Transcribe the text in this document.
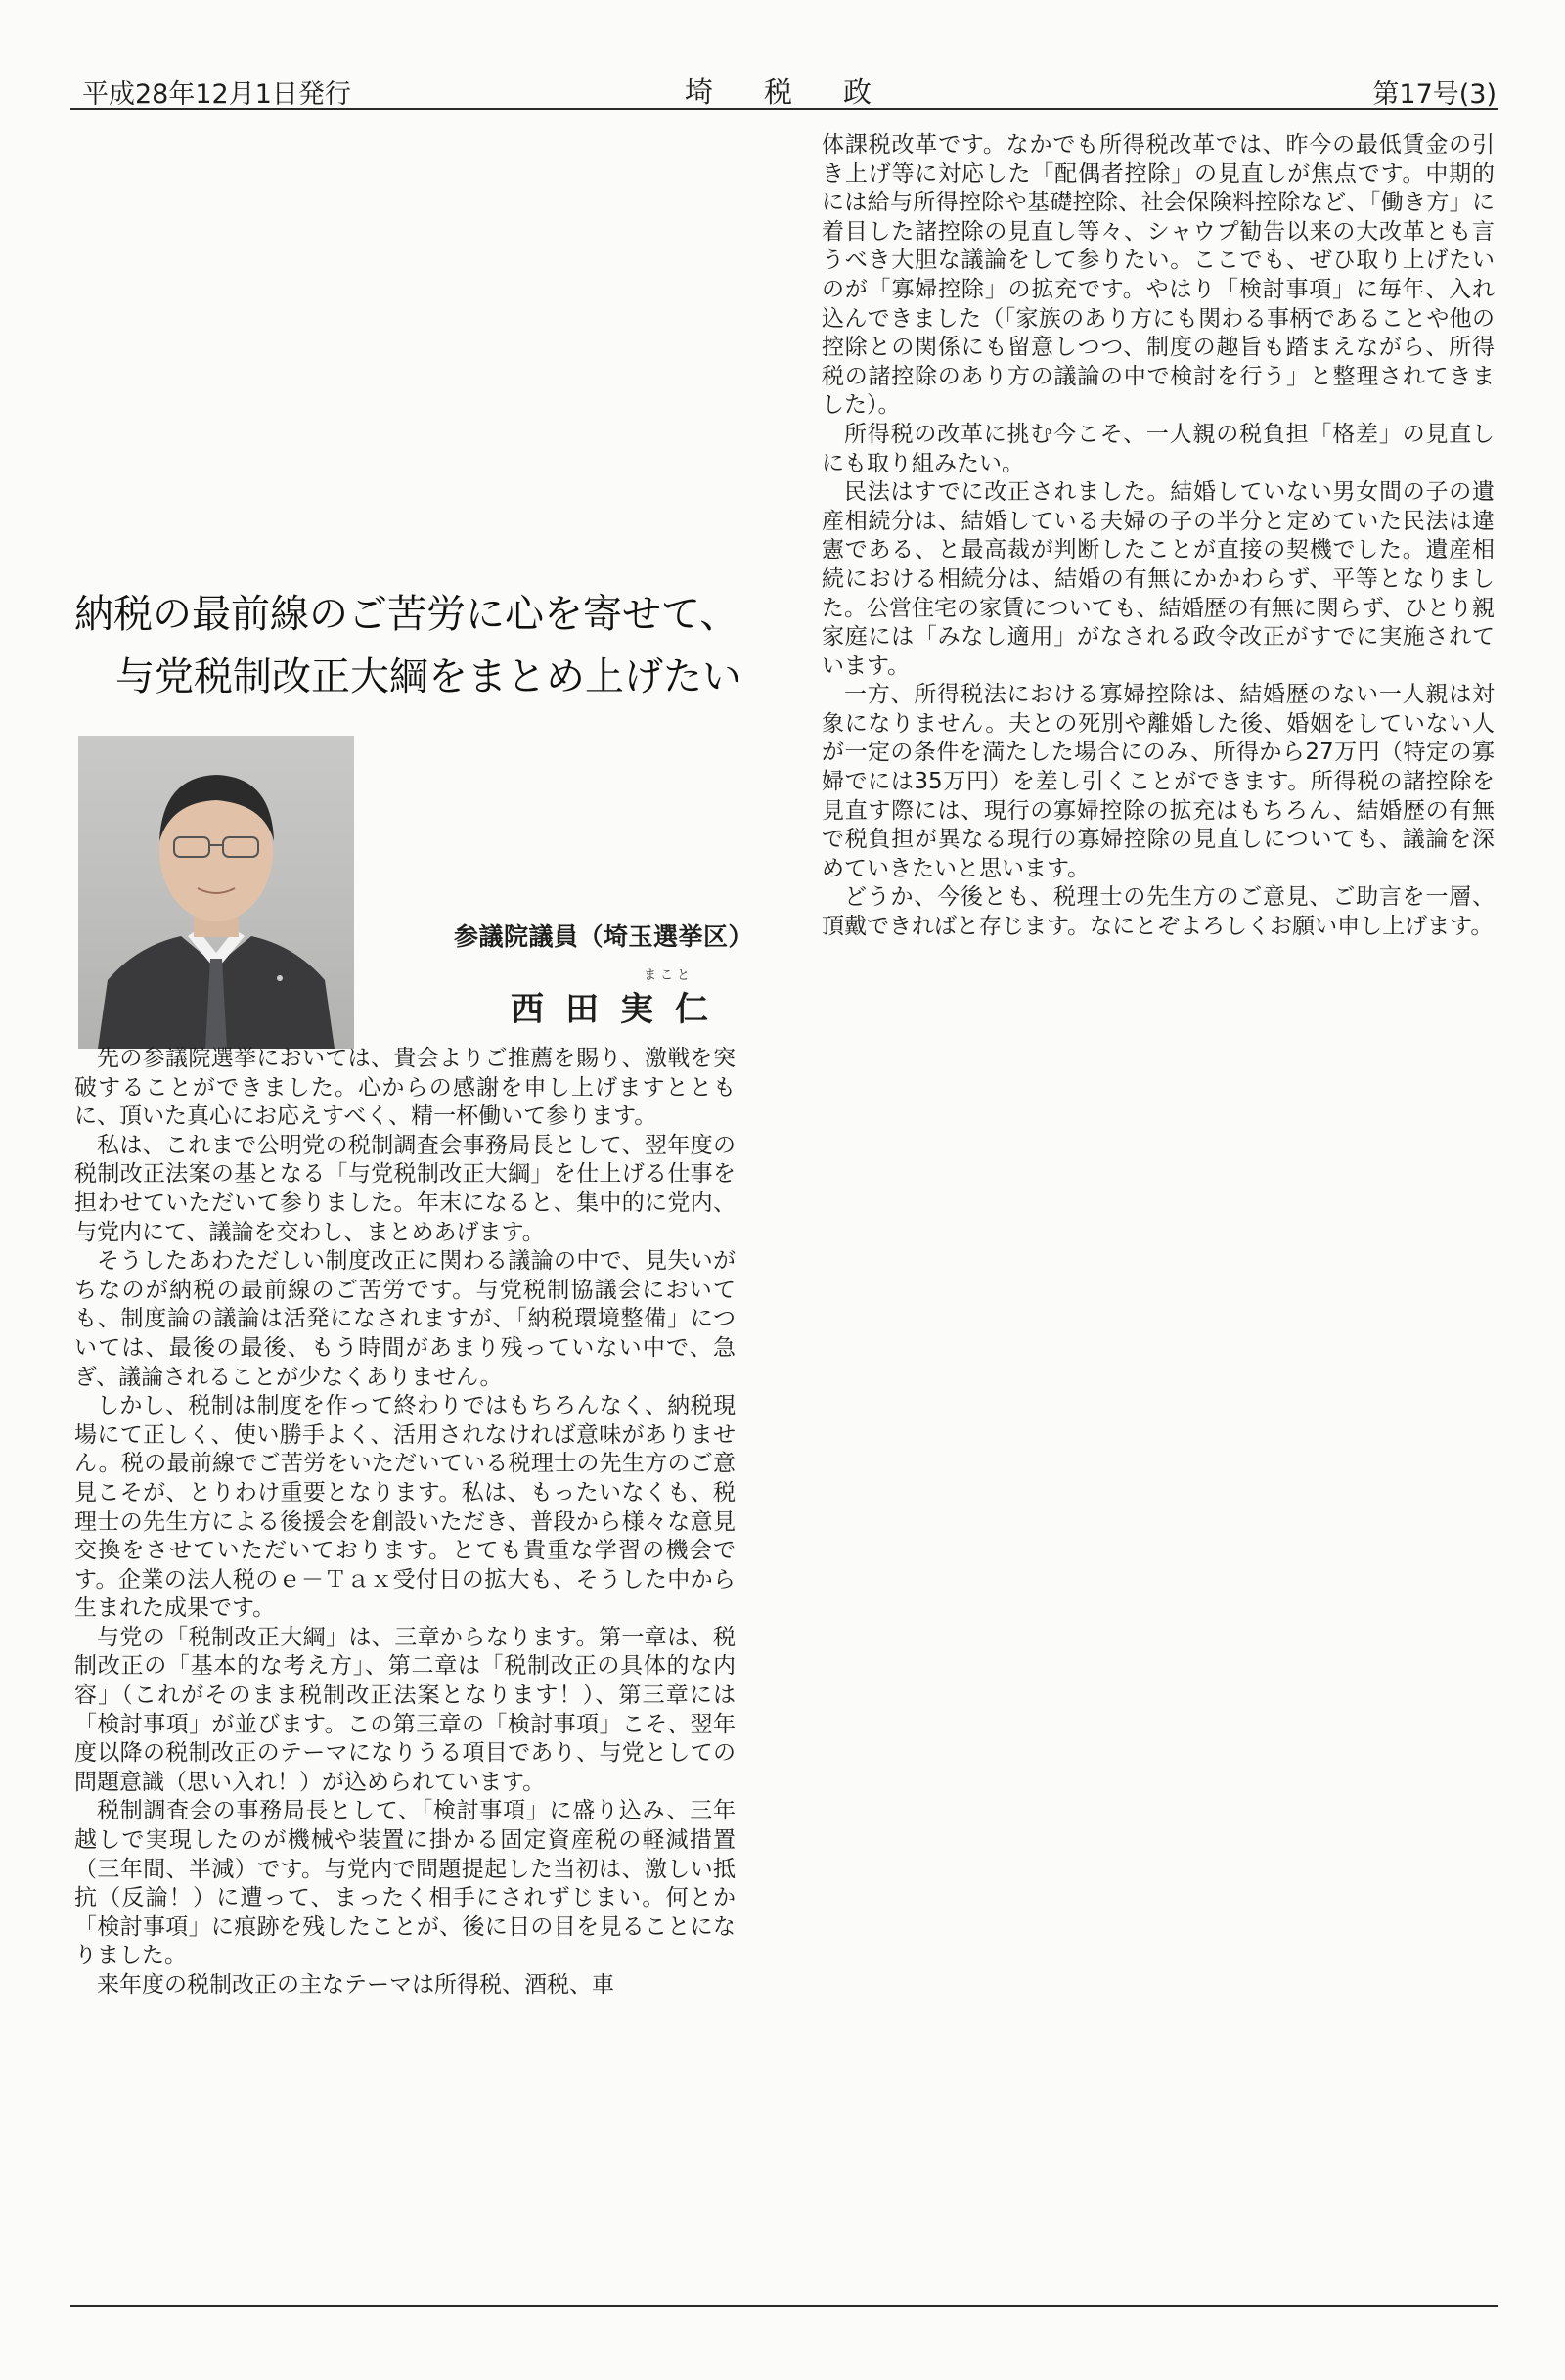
平成28年12月1日発行	埼税政	第17号(3)
納税の最前線のご苦労に心を寄せて、
与党税制改正大綱をまとめ上げたい
参議院議員（埼玉選挙区）
まこと
西田実仁

先の参議院選挙においては、貴会よりご推薦を賜り、激戦を突破することができました。心からの感謝を申し上げますとともに、頂いた真心にお応えすべく、精一杯働いて参ります。

私は、これまで公明党の税制調査会事務局長として、翌年度の税制改正法案の基となる「与党税制改正大綱」を仕上げる仕事を担わせていただいて参りました。年末になると、集中的に党内、与党内にて、議論を交わし、まとめあげます。

そうしたあわただしい制度改正に関わる議論の中で、見失いがちなのが納税の最前線のご苦労です。与党税制協議会においても、制度論の議論は活発になされますが、「納税環境整備」については、最後の最後、もう時間があまり残っていない中で、急ぎ、議論されることが少なくありません。

しかし、税制は制度を作って終わりではもちろんなく、納税現場にて正しく、使い勝手よく、活用されなければ意味がありません。税の最前線でご苦労をいただいている税理士の先生方のご意見こそが、とりわけ重要となります。私は、もったいなくも、税理士の先生方による後援会を創設いただき、普段から様々な意見交換をさせていただいております。とても貴重な学習の機会です。企業の法人税のｅ－Ｔａｘ受付日の拡大も、そうした中から生まれた成果です。

与党の「税制改正大綱」は、三章からなります。第一章は、税制改正の「基本的な考え方」、第二章は「税制改正の具体的な内容」（これがそのまま税制改正法案となります！）、第三章には「検討事項」が並びます。この第三章の「検討事項」こそ、翌年度以降の税制改正のテーマになりうる項目であり、与党としての問題意識（思い入れ！）が込められています。

税制調査会の事務局長として、「検討事項」に盛り込み、三年越しで実現したのが機械や装置に掛かる固定資産税の軽減措置（三年間、半減）です。与党内で問題提起した当初は、激しい抵抗（反論！）に遭って、まったく相手にされずじまい。何とか「検討事項」に痕跡を残したことが、後に日の目を見ることになりました。

来年度の税制改正の主なテーマは所得税、酒税、車

体課税改革です。なかでも所得税改革では、昨今の最低賃金の引き上げ等に対応した「配偶者控除」の見直しが焦点です。中期的には給与所得控除や基礎控除、社会保険料控除など、「働き方」に着目した諸控除の見直し等々、シャウプ勧告以来の大改革とも言うべき大胆な議論をして参りたい。ここでも、ぜひ取り上げたいのが「寡婦控除」の拡充です。やはり「検討事項」に毎年、入れ込んできました（「家族のあり方にも関わる事柄であることや他の控除との関係にも留意しつつ、制度の趣旨も踏まえながら、所得税の諸控除のあり方の議論の中で検討を行う」と整理されてきました）。

所得税の改革に挑む今こそ、一人親の税負担「格差」の見直しにも取り組みたい。

民法はすでに改正されました。結婚していない男女間の子の遺産相続分は、結婚している夫婦の子の半分と定めていた民法は違憲である、と最高裁が判断したことが直接の契機でした。遺産相続における相続分は、結婚の有無にかかわらず、平等となりました。公営住宅の家賃についても、結婚歴の有無に関らず、ひとり親家庭には「みなし適用」がなされる政令改正がすでに実施されています。

一方、所得税法における寡婦控除は、結婚歴のない一人親は対象になりません。夫との死別や離婚した後、婚姻をしていない人が一定の条件を満たした場合にのみ、所得から27万円（特定の寡婦でには35万円）を差し引くことができます。所得税の諸控除を見直す際には、現行の寡婦控除の拡充はもちろん、結婚歴の有無で税負担が異なる現行の寡婦控除の見直しについても、議論を深めていきたいと思います。

どうか、今後とも、税理士の先生方のご意見、ご助言を一層、頂戴できればと存じます。なにとぞよろしくお願い申し上げます。
